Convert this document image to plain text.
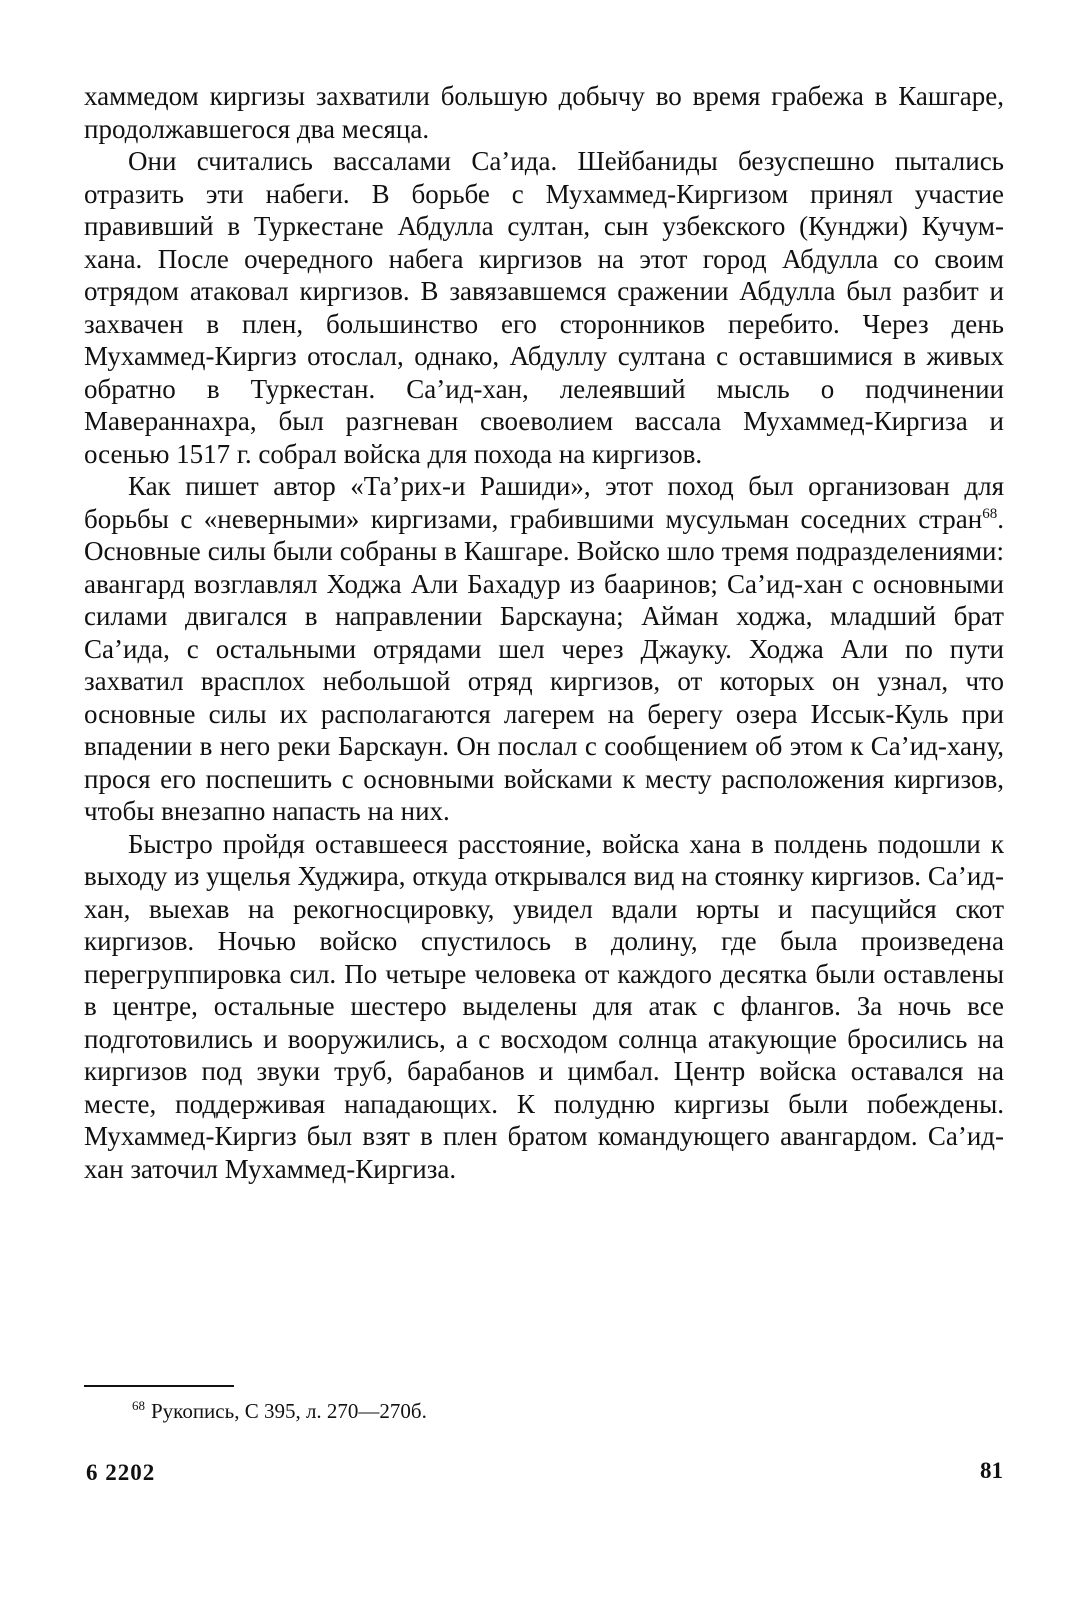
хаммедом киргизы захватили большую добычу во время грабежа в Кашгаре, продолжавшегося два месяца.

Они считались вассалами Са’ида. Шейбаниды безуспешно пытались отразить эти набеги. В борьбе с Мухаммед-Киргизом принял участие правивший в Туркестане Абдулла султан, сын узбекского (Кунджи) Кучум-хана. После очередного набега киргизов на этот город Абдулла со своим отрядом атаковал киргизов. В завязавшемся сражении Абдулла был разбит и захвачен в плен, большинство его сторонников перебито. Через день Мухаммед-Киргиз отослал, однако, Абдуллу султана с оставшимися в живых обратно в Туркестан. Са’ид-хан, лелеявший мысль о подчинении Мавераннахра, был разгневан своеволием вассала Мухаммед-Киргиза и осенью 1517 г. собрал войска для похода на киргизов.

Как пишет автор «Та’рих-и Рашиди», этот поход был организован для борьбы с «неверными» киргизами, грабившими мусульман соседних стран$^{68}$. Основные силы были собраны в Кашгаре. Войско шло тремя подразделениями: авангард возглавлял Ходжа Али Бахадур из бааринов; Са’ид-хан с основными силами двигался в направлении Барскауна; Айман ходжа, младший брат Са’ида, с остальными отрядами шел через Джауку. Ходжа Али по пути захватил врасплох небольшой отряд киргизов, от которых он узнал, что основные силы их располагаются лагерем на берегу озера Иссык-Куль при впадении в него реки Барскаун. Он послал с сообщением об этом к Са’ид-хану, прося его поспешить с основными войсками к месту расположения киргизов, чтобы внезапно напасть на них.

Быстро пройдя оставшееся расстояние, войска хана в полдень подошли к выходу из ущелья Худжира, откуда открывался вид на стоянку киргизов. Са’ид-хан, выехав на рекогносцировку, увидел вдали юрты и пасущийся скот киргизов. Ночью войско спустилось в долину, где была произведена перегруппировка сил. По четыре человека от каждого десятка были оставлены в центре, остальные шестеро выделены для атак с флангов. За ночь все подготовились и вооружились, а с восходом солнца атакующие бросились на киргизов под звуки труб, барабанов и цимбал. Центр войска оставался на месте, поддерживая нападающих. К полудню киргизы были побеждены. Мухаммед-Киргиз был взят в плен братом командующего авангардом. Са’ид-хан заточил Мухаммед-Киргиза.

$^{68}$ Рукопись, С 395, л. 270—270б.
6 2202	81
